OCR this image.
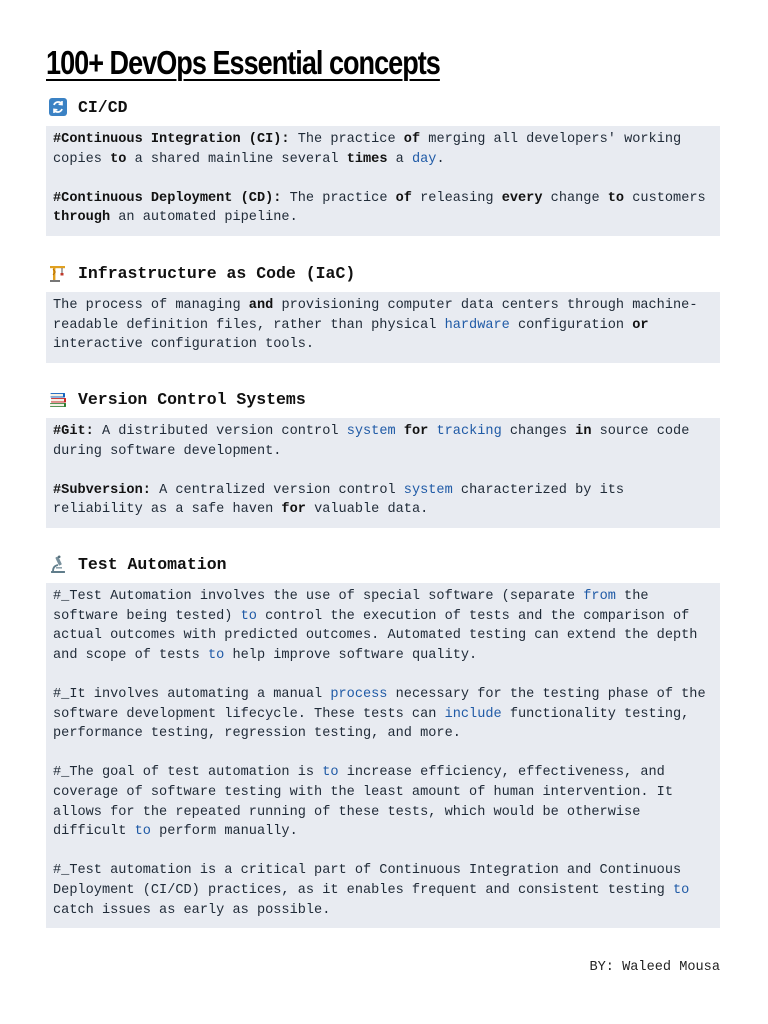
100+ DevOps Essential concepts
CI/CD

#Continuous Integration (CI): The practice of merging all developers' working copies to a shared mainline several times a day.

#Continuous Deployment (CD): The practice of releasing every change to customers through an automated pipeline.

Infrastructure as Code (IaC)

The process of managing and provisioning computer data centers through machine-readable definition files, rather than physical hardware configuration or interactive configuration tools.

Version Control Systems

#Git: A distributed version control system for tracking changes in source code during software development.

#Subversion: A centralized version control system characterized by its reliability as a safe haven for valuable data.

Test Automation

#_Test Automation involves the use of special software (separate from the software being tested) to control the execution of tests and the comparison of actual outcomes with predicted outcomes. Automated testing can extend the depth and scope of tests to help improve software quality.

#_It involves automating a manual process necessary for the testing phase of the software development lifecycle. These tests can include functionality testing, performance testing, regression testing, and more.

#_The goal of test automation is to increase efficiency, effectiveness, and coverage of software testing with the least amount of human intervention. It allows for the repeated running of these tests, which would be otherwise difficult to perform manually.

#_Test automation is a critical part of Continuous Integration and Continuous Deployment (CI/CD) practices, as it enables frequent and consistent testing to catch issues as early as possible.

BY: Waleed Mousa
